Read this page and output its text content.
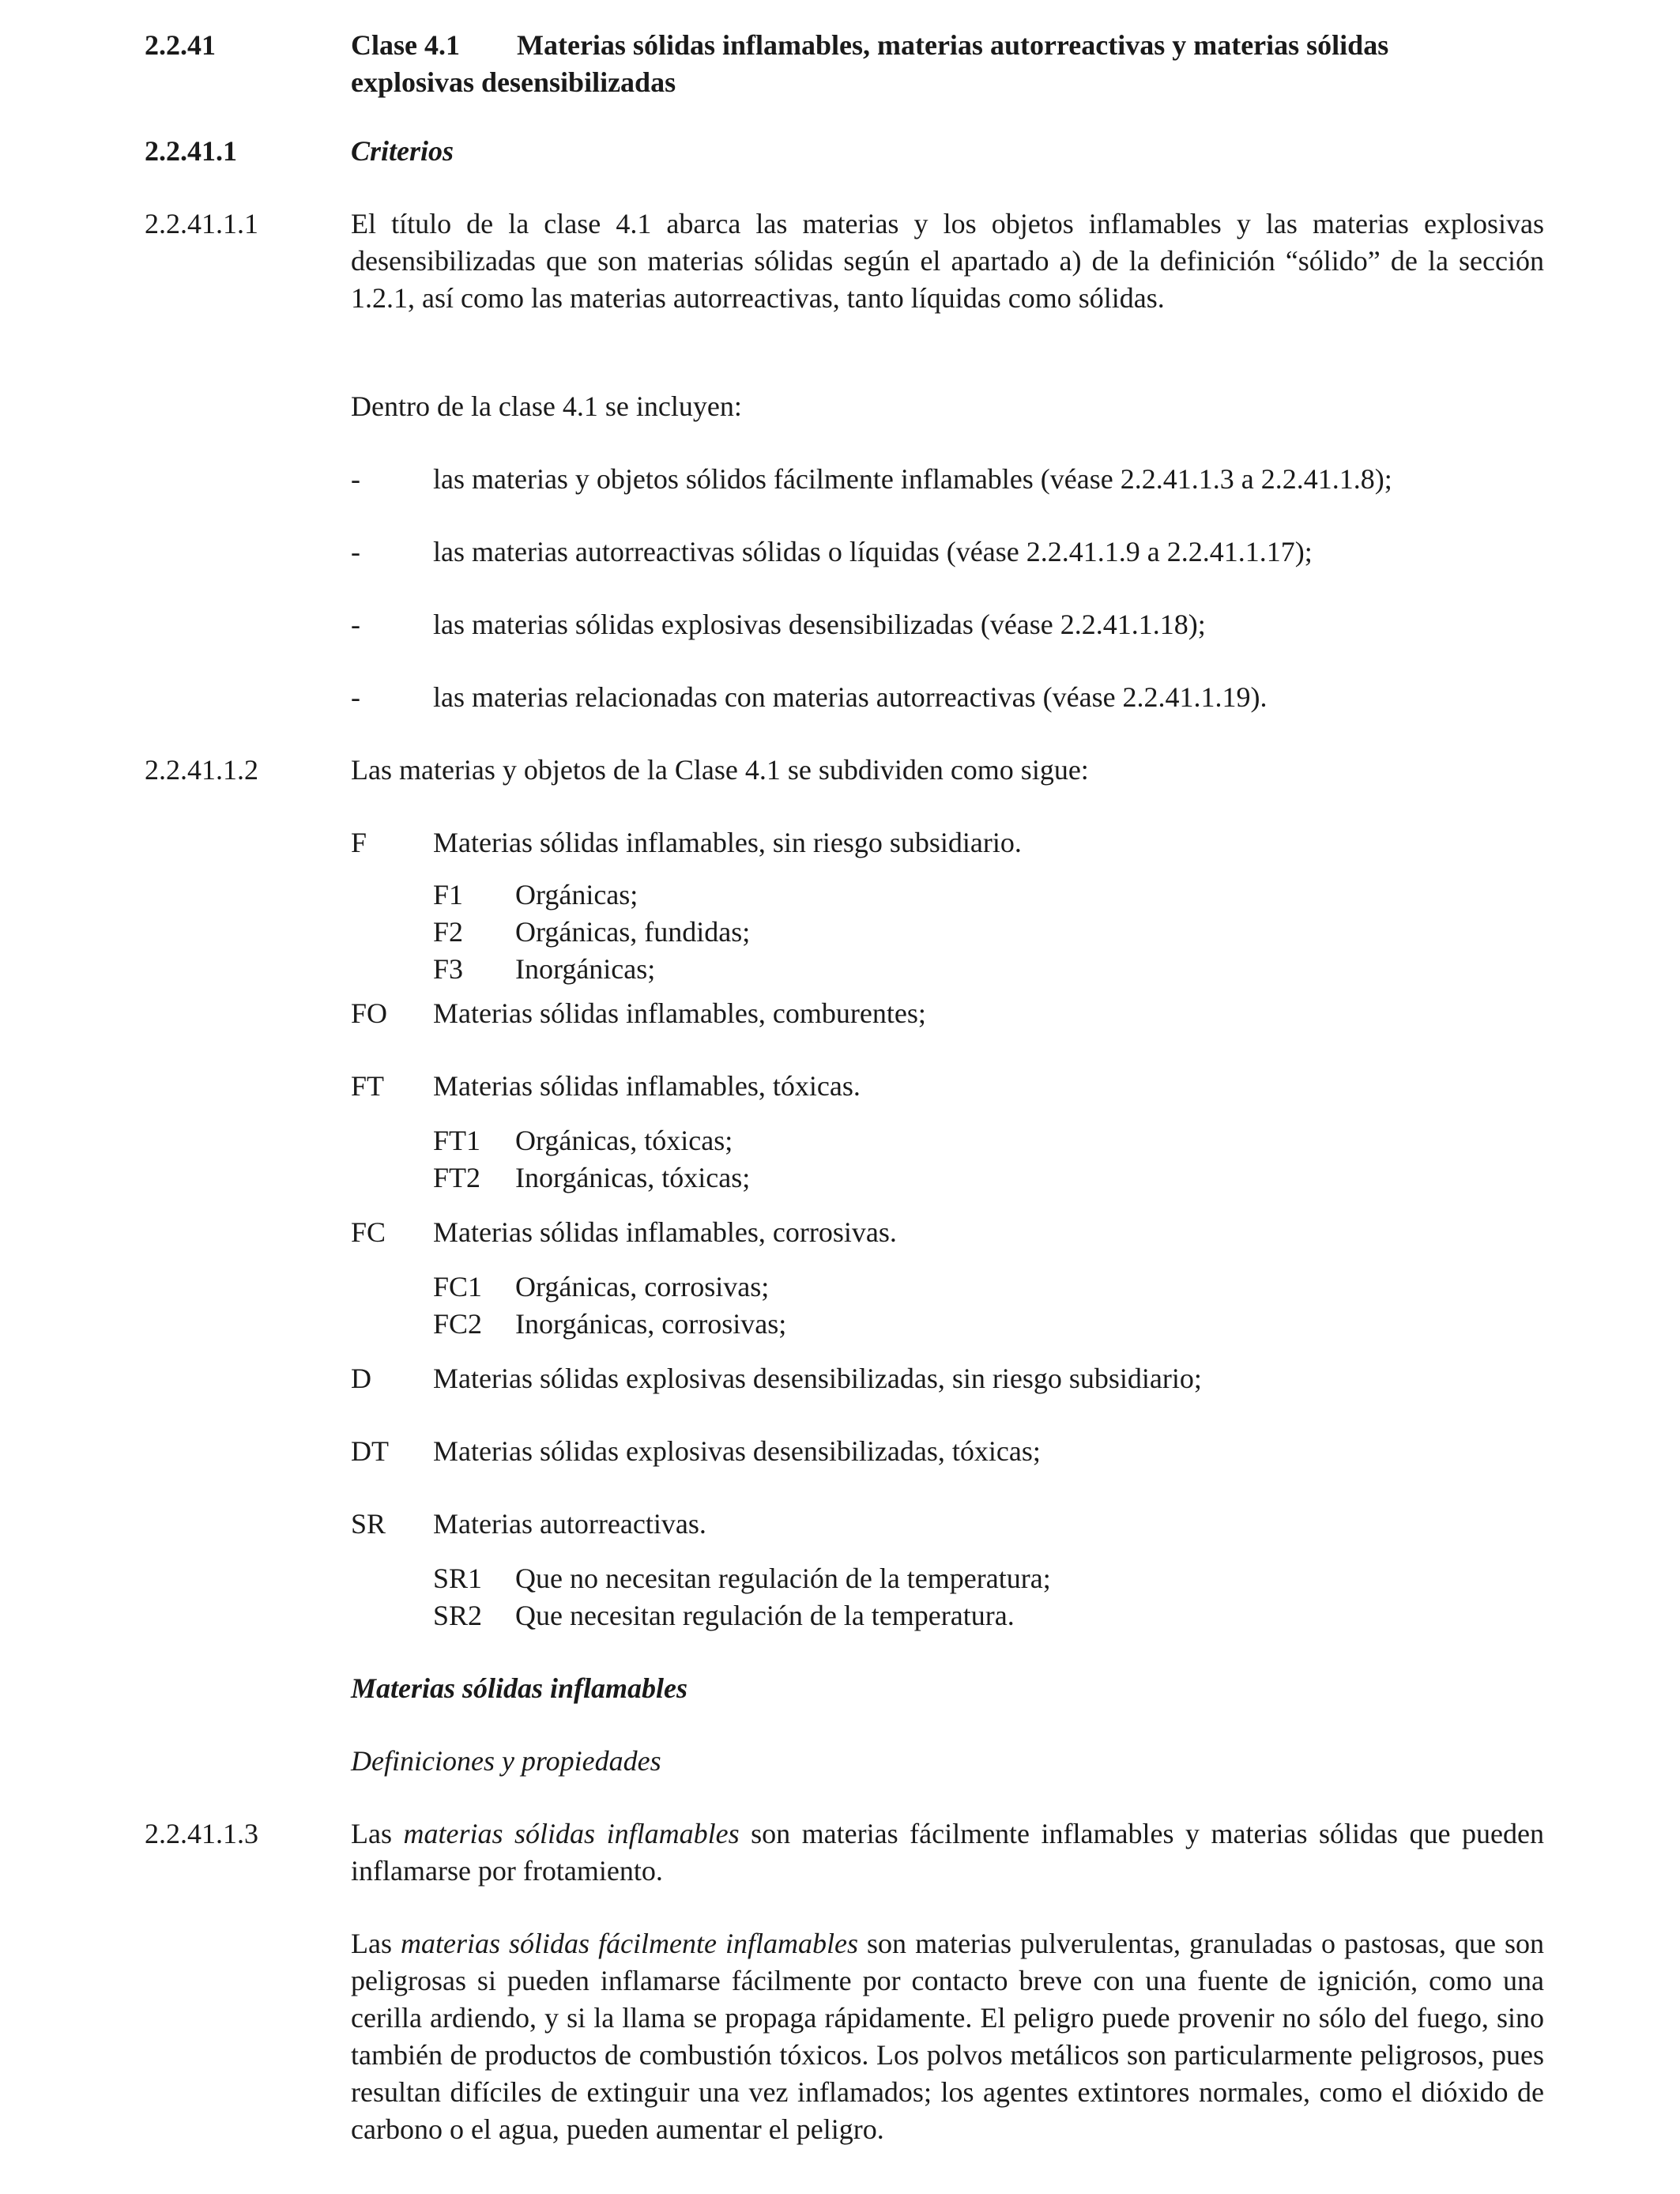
2.2.41	Clase 4.1 Materias sólidas inflamables, materias autorreactivas y materias sólidas
explosivas desensibilizadas
2.2.41.1	Criterios
2.2.41.1.1	El título de la clase 4.1 abarca las materias y los objetos inflamables y las materias explosivas desensibilizadas que son materias sólidas según el apartado a) de la definición “sólido” de la sección 1.2.1, así como las materias autorreactivas, tanto líquidas como sólidas.
Dentro de la clase 4.1 se incluyen:
-	las materias y objetos sólidos fácilmente inflamables (véase 2.2.41.1.3 a 2.2.41.1.8);
-	las materias autorreactivas sólidas o líquidas (véase 2.2.41.1.9 a 2.2.41.1.17);
-	las materias sólidas explosivas desensibilizadas (véase 2.2.41.1.18);
-	las materias relacionadas con materias autorreactivas (véase 2.2.41.1.19).
2.2.41.1.2	Las materias y objetos de la Clase 4.1 se subdividen como sigue:
F Materias sólidas inflamables, sin riesgo subsidiario.
F1 Orgánicas;
F2 Orgánicas, fundidas;
F3 Inorgánicas;
FO Materias sólidas inflamables, comburentes;
FT Materias sólidas inflamables, tóxicas.
FT1 Orgánicas, tóxicas;
FT2 Inorgánicas, tóxicas;
FC Materias sólidas inflamables, corrosivas.
FC1 Orgánicas, corrosivas;
FC2 Inorgánicas, corrosivas;
D Materias sólidas explosivas desensibilizadas, sin riesgo subsidiario;
DT Materias sólidas explosivas desensibilizadas, tóxicas;
SR Materias autorreactivas.
SR1 Que no necesitan regulación de la temperatura;
SR2 Que necesitan regulación de la temperatura.
Materias sólidas inflamables
Definiciones y propiedades
2.2.41.1.3	Las materias sólidas inflamables son materias fácilmente inflamables y materias sólidas que pueden inflamarse por frotamiento.
Las materias sólidas fácilmente inflamables son materias pulverulentas, granuladas o pastosas, que son peligrosas si pueden inflamarse fácilmente por contacto breve con una fuente de ignición, como una cerilla ardiendo, y si la llama se propaga rápidamente. El peligro puede provenir no sólo del fuego, sino también de productos de combustión tóxicos. Los polvos metálicos son particularmente peligrosos, pues resultan difíciles de extinguir una vez inflamados; los agentes extintores normales, como el dióxido de carbono o el agua, pueden aumentar el peligro.
